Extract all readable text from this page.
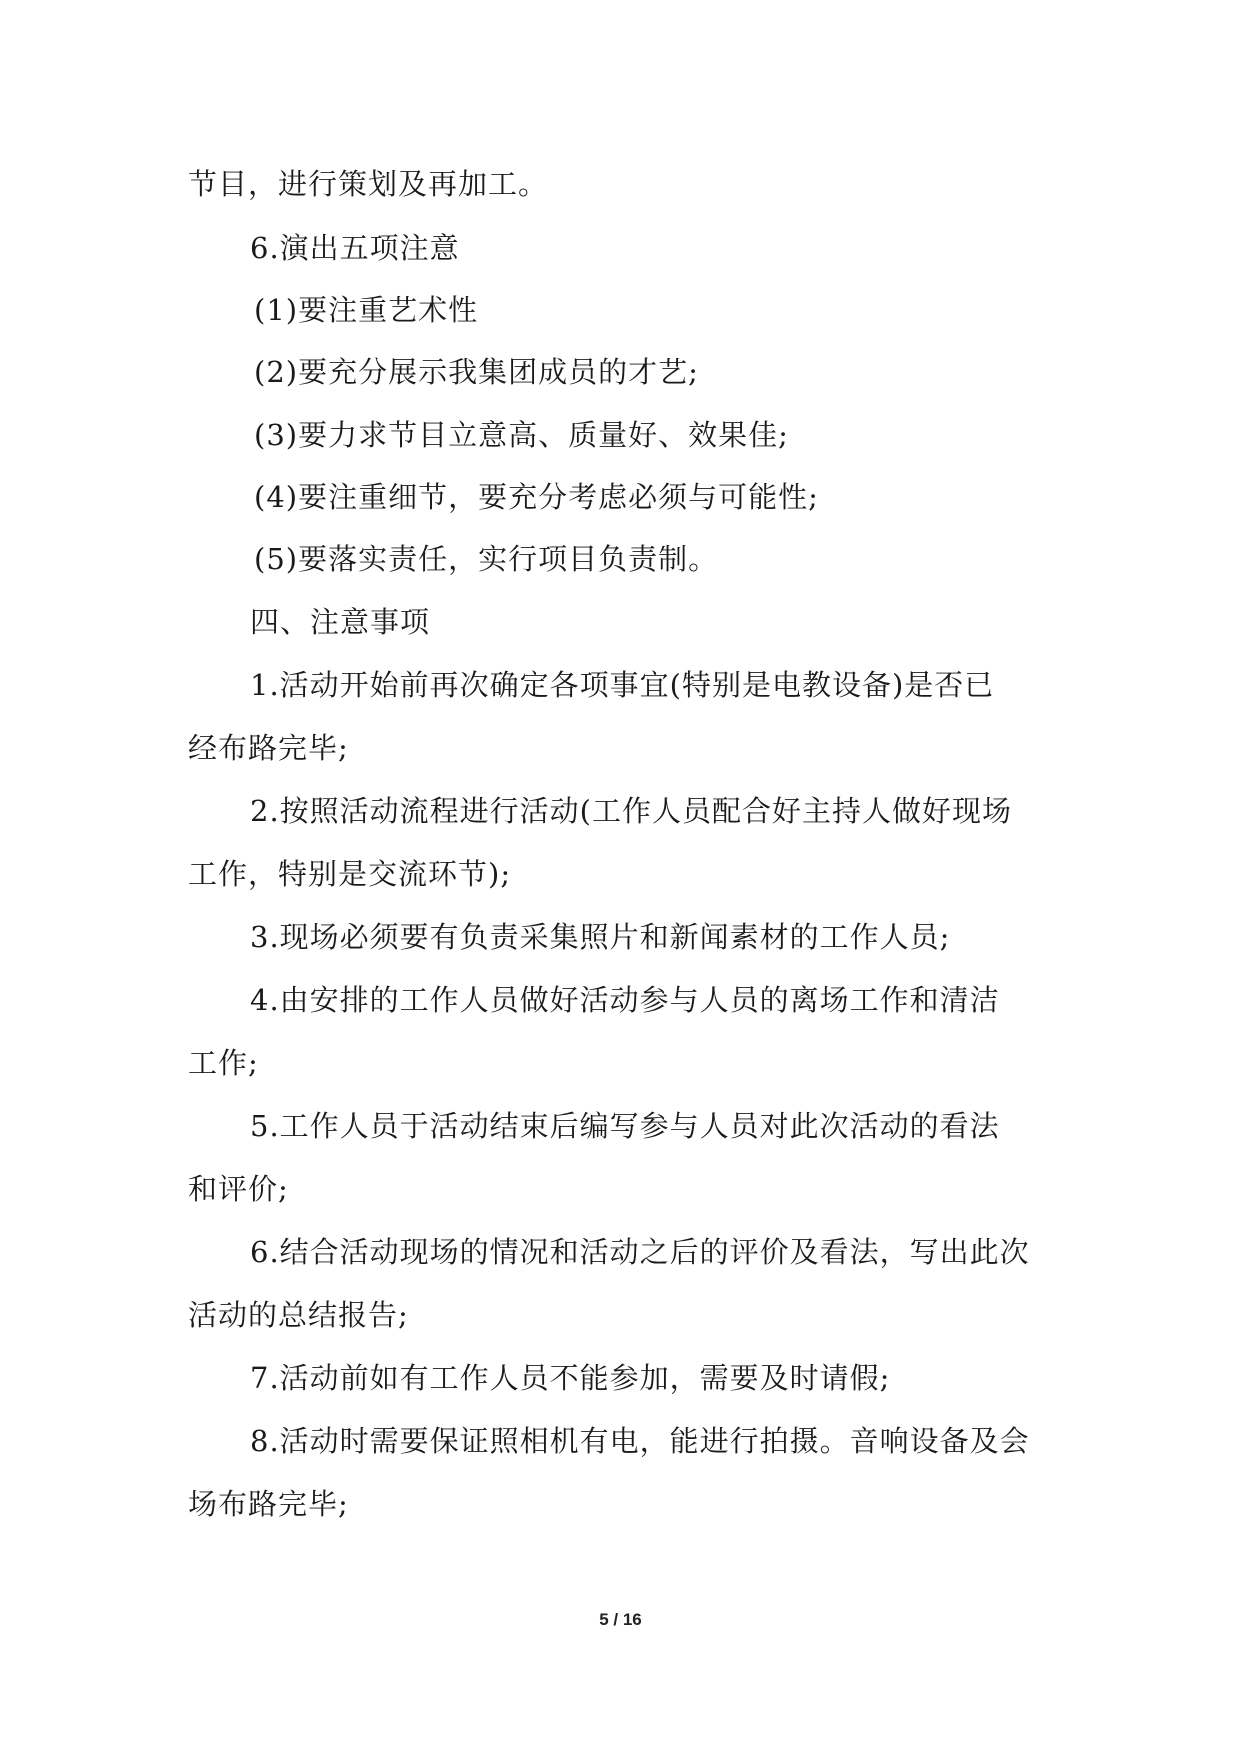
节目，进行策划及再加工。
6.演出五项注意
(1)要注重艺术性
(2)要充分展示我集团成员的才艺;
(3)要力求节目立意高、质量好、效果佳;
(4)要注重细节，要充分考虑必须与可能性;
(5)要落实责任，实行项目负责制。
四、注意事项
1.活动开始前再次确定各项事宜(特别是电教设备)是否已
经布路完毕;
2.按照活动流程进行活动(工作人员配合好主持人做好现场
工作，特别是交流环节);
3.现场必须要有负责采集照片和新闻素材的工作人员;
4.由安排的工作人员做好活动参与人员的离场工作和清洁
工作;
5.工作人员于活动结束后编写参与人员对此次活动的看法
和评价;
6.结合活动现场的情况和活动之后的评价及看法，写出此次
活动的总结报告;
7.活动前如有工作人员不能参加，需要及时请假;
8.活动时需要保证照相机有电，能进行拍摄。音响设备及会
场布路完毕;
5 / 16
